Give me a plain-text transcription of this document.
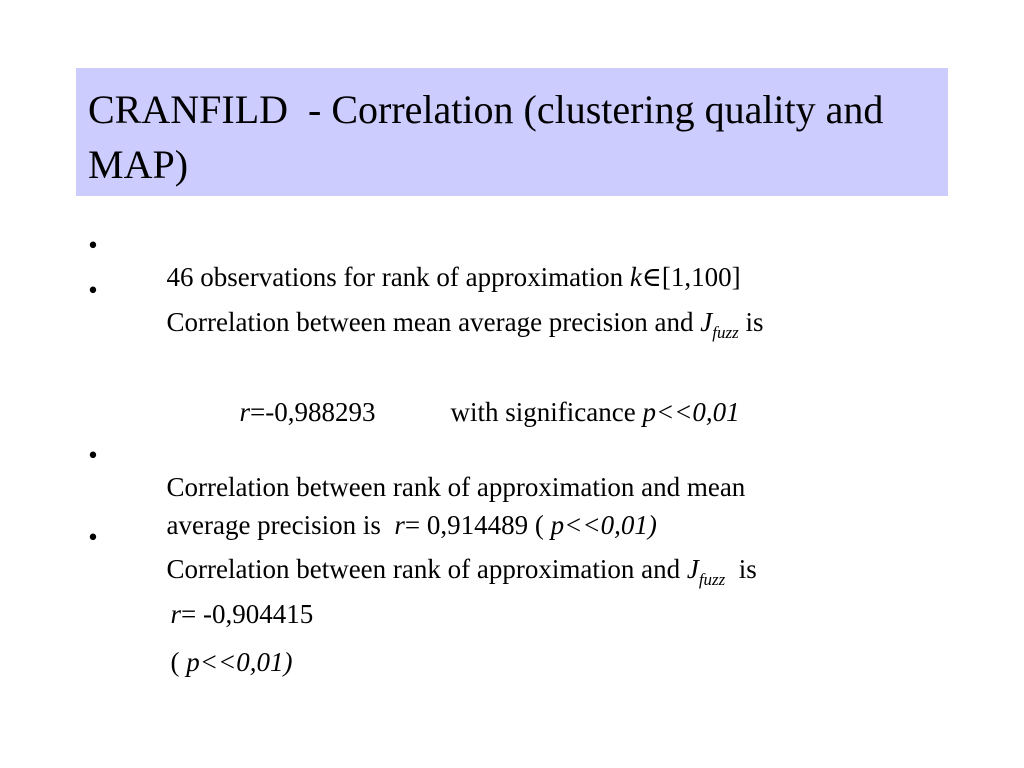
CRANFILD  - Correlation (clustering quality and  MAP)
•

46 observations for rank of approximation k∈[1,100]

•

Correlation between mean average precision and $J_{fuzz}$ is

r=-0,988293
	with significance p<<0,01

•

Correlation between rank of approximation and mean

average precision is  r= 0,914489 ( p<<0,01)

•

Correlation between rank of approximation and $J_{fuzz}$  is

r= -0,904415

( p<<0,01)
